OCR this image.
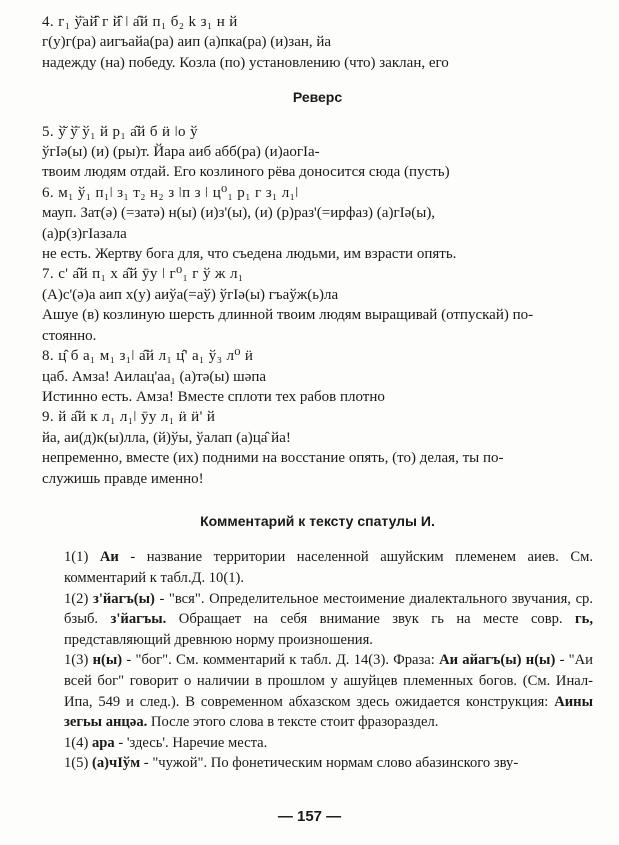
4. г₁ ў̄ай̂ г й̂ ǀ а̂й п₁ б₂ k з₁ н й
г(у)г(ра) аигъайа(ра) аип (а)пка(ра) (и)зан, йа
надежду (на) победу. Козла (по) установлению (что) заклан, его
Реверс
5. ў̆ ў̄ ў₁ й р₁ а̂й б ӥ ǀо ў
ўгІә(ы) (и) (ры)т. Йара аиб абб(ра) (и)аогІа-
твоим людям отдай. Его козлиного рёва доносится сюда (пусть)
6. м₁ ў₁ п₁ǀ з₁ т₂ н₂ з ǀп з ǀ ц⁰₁ р₁ г з₁ л₁ǀ
мауп. Зат(ә) (=затә) н(ы) (и)з'(ы), (и) (р)раз'(=ирфаз) (а)гІә(ы),
(а)р(з)гІазала
не есть. Жертву бога для, что съедена людьми, им взрасти опять.
7. с' а̂й п₁ х а̂й ӯу ǀ г⁰₁ г ў ж л₁
(А)с'(ә)а аип х(у) аиўа(=аў) ўгІә(ы) гъаўж(ь)ла
Ашуе (в) козлиную шерсть длинной твоим людям выращивай (отпускай) по-
стоянно.
8. ц̂ б а₁ м₁ з₁ǀ а̂й л₁ ц̂' а₁ ў₃ л⁰ ӥ
цаб. Амза! Аилац'аа₁ (а)тә(ы) шәпа
Истинно есть. Амза! Вместе сплоти тех рабов плотно
9. й а̂й к л₁ л₁ǀ ӯу л₁ ӥ ӥ' й
йа, аи(д)к(ы)лла, (й)ўы, ўалап (а)ца̂ йа!
непременно, вместе (их) подними на восстание опять, (то) делая, ты по-
служишь правде именно!
Комментарий к тексту спатулы И.
1(1) Аи - название территории населенной ашуйским племенем аиев. См. комментарий к табл.Д. 10(1).
1(2) з'йагъ(ы) - "вся". Определительное местоимение диалектального звучания, ср. бзыб. з'йагъы. Обращает на себя внимание звук гь на месте совр. гь, представляющий древнюю норму произношения.
1(3) н(ы) - "бог". См. комментарий к табл. Д. 14(3). Фраза: Аи айагъ(ы) н(ы) - "Аи всей бог" говорит о наличии в прошлом у ашуйцев племенных богов. (См. Инал-Ипа, 549 и след.). В современном абхазском здесь ожидается конструкция: Аины зегьы анцәа. После этого слова в тексте стоит фразораздел.
1(4) ара - 'здесь'. Наречие места.
1(5) (а)чІўм - "чужой". По фонетическим нормам слово абазинского зву-
— 157 —
